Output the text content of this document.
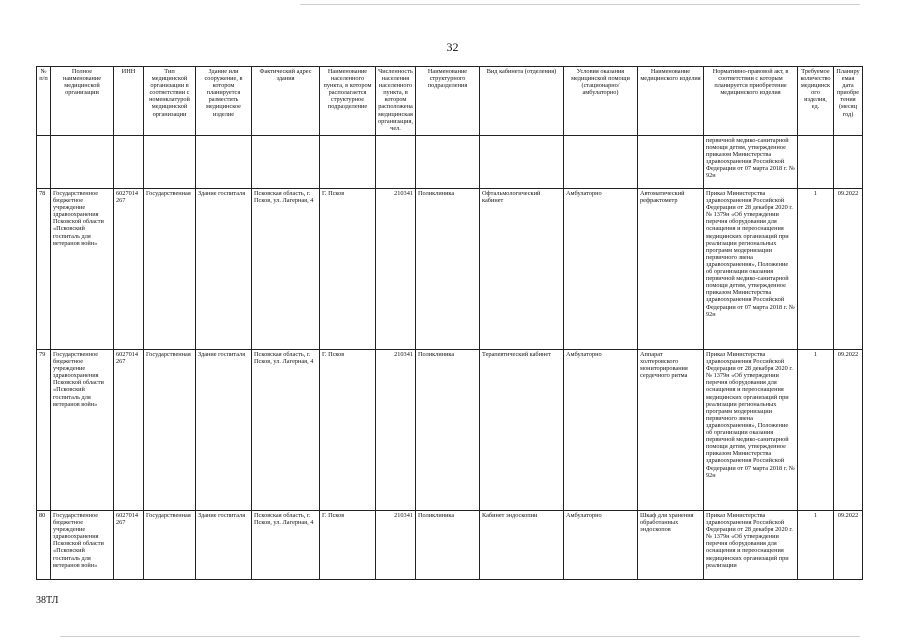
32
№ п/п	Полное наименование медицинской организации	ИНН	Тип медицинской организации в соответствии с номенклатурой медицинской организации	Здание или сооружение, в котором планируется разместить медицинское изделие	Фактический адрес здания	Наименование населенного пункта, в котором располагается структурное подразделение	Численность населения населенного пункта, в котором расположена медицинская организация, чел.	Наименование структурного подразделения	Вид кабинета (отделения)	Условия оказания медицинской помощи (стационарно/ амбулаторно)	Наименование медицинского изделия	Нормативно-правовой акт, в соответствии с которым планируется приобретение медицинского изделия	Требуемое количество медицинского изделия, ед.	Планируемая дата приобретения (месяц год)
												первичной медико-санитарной помощи детям, утвержденное приказом Министерства здравоохранения Российской Федерации от 07 марта 2018 г. № 92н		
78	Государственное бюджетное учреждение здравоохранения Псковской области «Псковский госпиталь для ветеранов войн»	6027014267	Государственная	Здание госпиталя	Псковская область, г. Псков, ул. Лагерная, 4	Г. Псков	210341	Поликлиника	Офтальмологический кабинет	Амбулаторно	Автоматический рефрактометр	Приказ Министерства здравоохранения Российской Федерации от 28 декабря 2020 г. № 1379н «Об утверждении перечня оборудования для оснащения и переоснащения медицинских организаций при реализации региональных программ модернизации первичного звена здравоохранения», Положение об организации оказания первичной медико-санитарной помощи детям, утвержденное приказом Министерства здравоохранения Российской Федерации от 07 марта 2018 г. № 92н	1	09.2022
79	Государственное бюджетное учреждение здравоохранения Псковской области «Псковский госпиталь для ветеранов войн»	6027014267	Государственная	Здание госпиталя	Псковская область, г. Псков, ул. Лагерная, 4	Г. Псков	210341	Поликлиника	Терапевтический кабинет	Амбулаторно	Аппарат холтеровского мониторирования сердечного ритма	Приказ Министерства здравоохранения Российской Федерации от 28 декабря 2020 г. № 1379н «Об утверждении перечня оборудования для оснащения и переоснащения медицинских организаций при реализации региональных программ модернизации первичного звена здравоохранения», Положение об организации оказания первичной медико-санитарной помощи детям, утвержденное приказом Министерства здравоохранения Российской Федерации от 07 марта 2018 г. № 92н	1	09.2022
80	Государственное бюджетное учреждение здравоохранения Псковской области «Псковский госпиталь для ветеранов войн»	6027014267	Государственная	Здание госпиталя	Псковская область, г. Псков, ул. Лагерная, 4	Г. Псков	210341	Поликлиника	Кабинет эндоскопии	Амбулаторно	Шкаф для хранения обработанных эндоскопов	Приказ Министерства здравоохранения Российской Федерации от 28 декабря 2020 г. № 1379н «Об утверждении перечня оборудования для оснащения и переоснащения медицинских организаций при реализации	1	09.2022
38ТЛ
